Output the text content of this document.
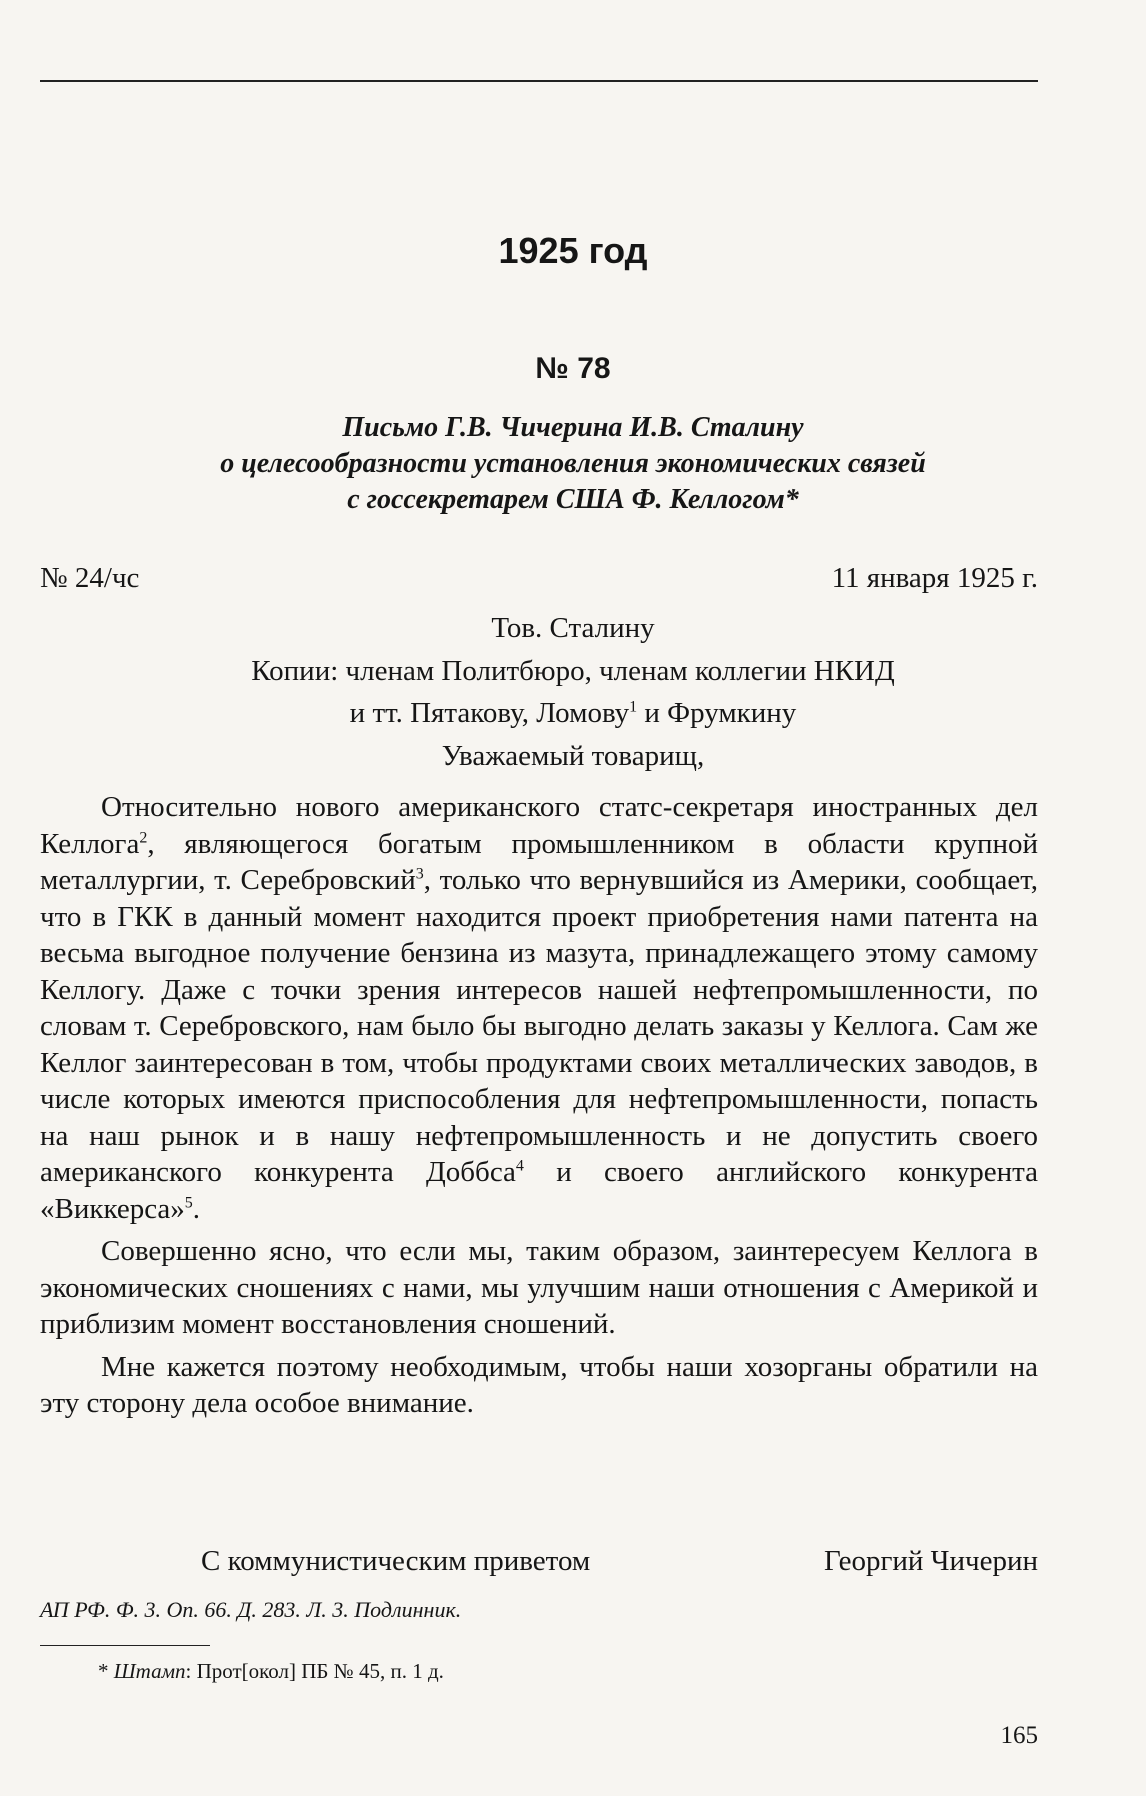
1925 год
№ 78
Письмо Г.В. Чичерина И.В. Сталину
о целесообразности установления экономических связей
с госсекретарем США Ф. Келлогом*
№ 24/чс	11 января 1925 г.
Тов. Сталину
Копии: членам Политбюро, членам коллегии НКИД
и тт. Пятакову, Ломову$^1$ и Фрумкину
Уважаемый товарищ,

Относительно нового американского статс-секретаря иностранных дел Келлога$^2$, являющегося богатым промышленником в области крупной металлургии, т. Серебровский$^3$, только что вернувшийся из Америки, сообщает, что в ГКК в данный момент находится проект приобретения нами патента на весьма выгодное получение бензина из мазута, принадлежащего этому самому Келлогу. Даже с точки зрения интересов нашей нефтепромышленности, по словам т. Серебровского, нам было бы выгодно делать заказы у Келлога. Сам же Келлог заинтересован в том, чтобы продуктами своих металлических заводов, в числе которых имеются приспособления для нефтепромышленности, попасть на наш рынок и в нашу нефтепромышленность и не допустить своего американского конкурента Доббса$^4$ и своего английского конкурента «Виккерса»$^5$.

Совершенно ясно, что если мы, таким образом, заинтересуем Келлога в экономических сношениях с нами, мы улучшим наши отношения с Америкой и приблизим момент восстановления сношений.

Мне кажется поэтому необходимым, чтобы наши хозорганы обратили на эту сторону дела особое внимание.

С коммунистическим приветом	Георгий Чичерин
АП РФ. Ф. 3. Оп. 66. Д. 283. Л. 3. Подлинник.
* Штамп: Прот[окол] ПБ № 45, п. 1 д.
165
